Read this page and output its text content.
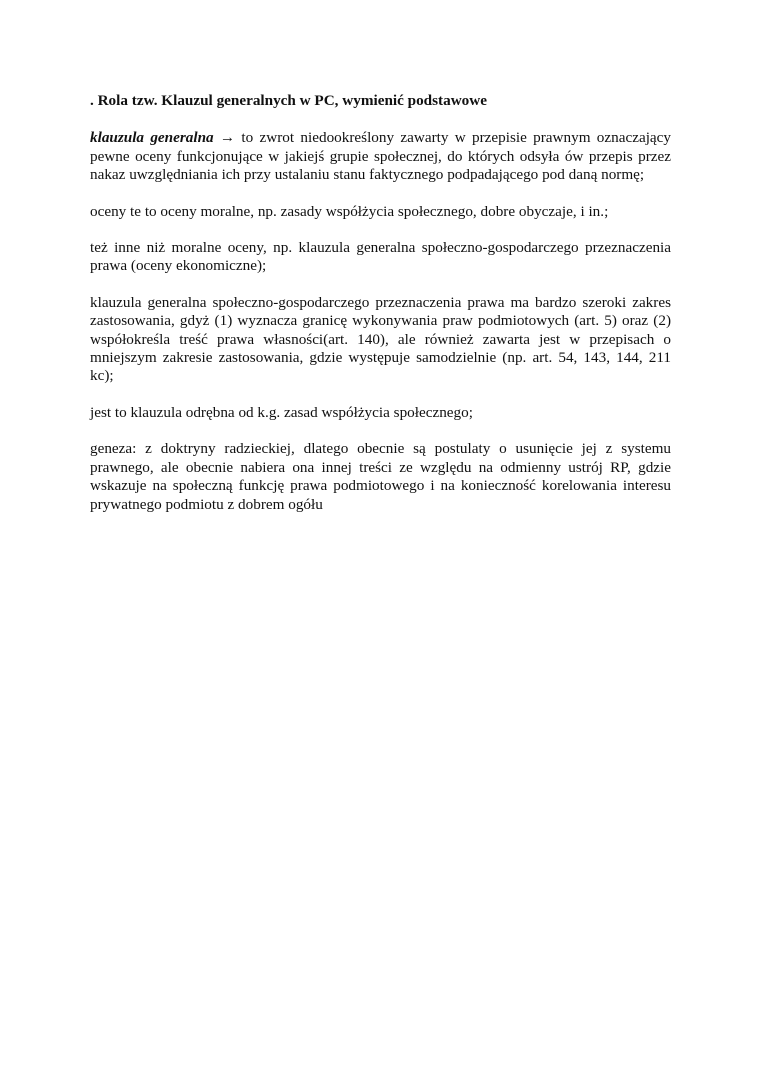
. Rola tzw. Klauzul generalnych w PC, wymienić podstawowe

klauzula generalna → to zwrot niedookreślony zawarty w przepisie prawnym oznaczający pewne oceny funkcjonujące w jakiejś grupie społecznej, do których odsyła ów przepis przez nakaz uwzględniania ich przy ustalaniu stanu faktycznego podpadającego pod daną normę;

oceny te to oceny moralne, np. zasady współżycia społecznego, dobre obyczaje, i in.;

też inne niż moralne oceny, np. klauzula generalna społeczno-gospodarczego przeznaczenia prawa (oceny ekonomiczne);

klauzula generalna społeczno-gospodarczego przeznaczenia prawa ma bardzo szeroki zakres zastosowania, gdyż (1) wyznacza granicę wykonywania praw podmiotowych (art. 5) oraz (2) współokreśla treść prawa własności(art. 140), ale również zawarta jest w przepisach o mniejszym zakresie zastosowania, gdzie występuje samodzielnie (np. art. 54, 143, 144, 211 kc);

jest to klauzula odrębna od k.g. zasad współżycia społecznego;

geneza: z doktryny radzieckiej, dlatego obecnie są postulaty o usunięcie jej z systemu prawnego, ale obecnie nabiera ona innej treści ze względu na odmienny ustrój RP, gdzie wskazuje na społeczną funkcję prawa podmiotowego i na konieczność korelowania interesu prywatnego podmiotu z dobrem ogółu
